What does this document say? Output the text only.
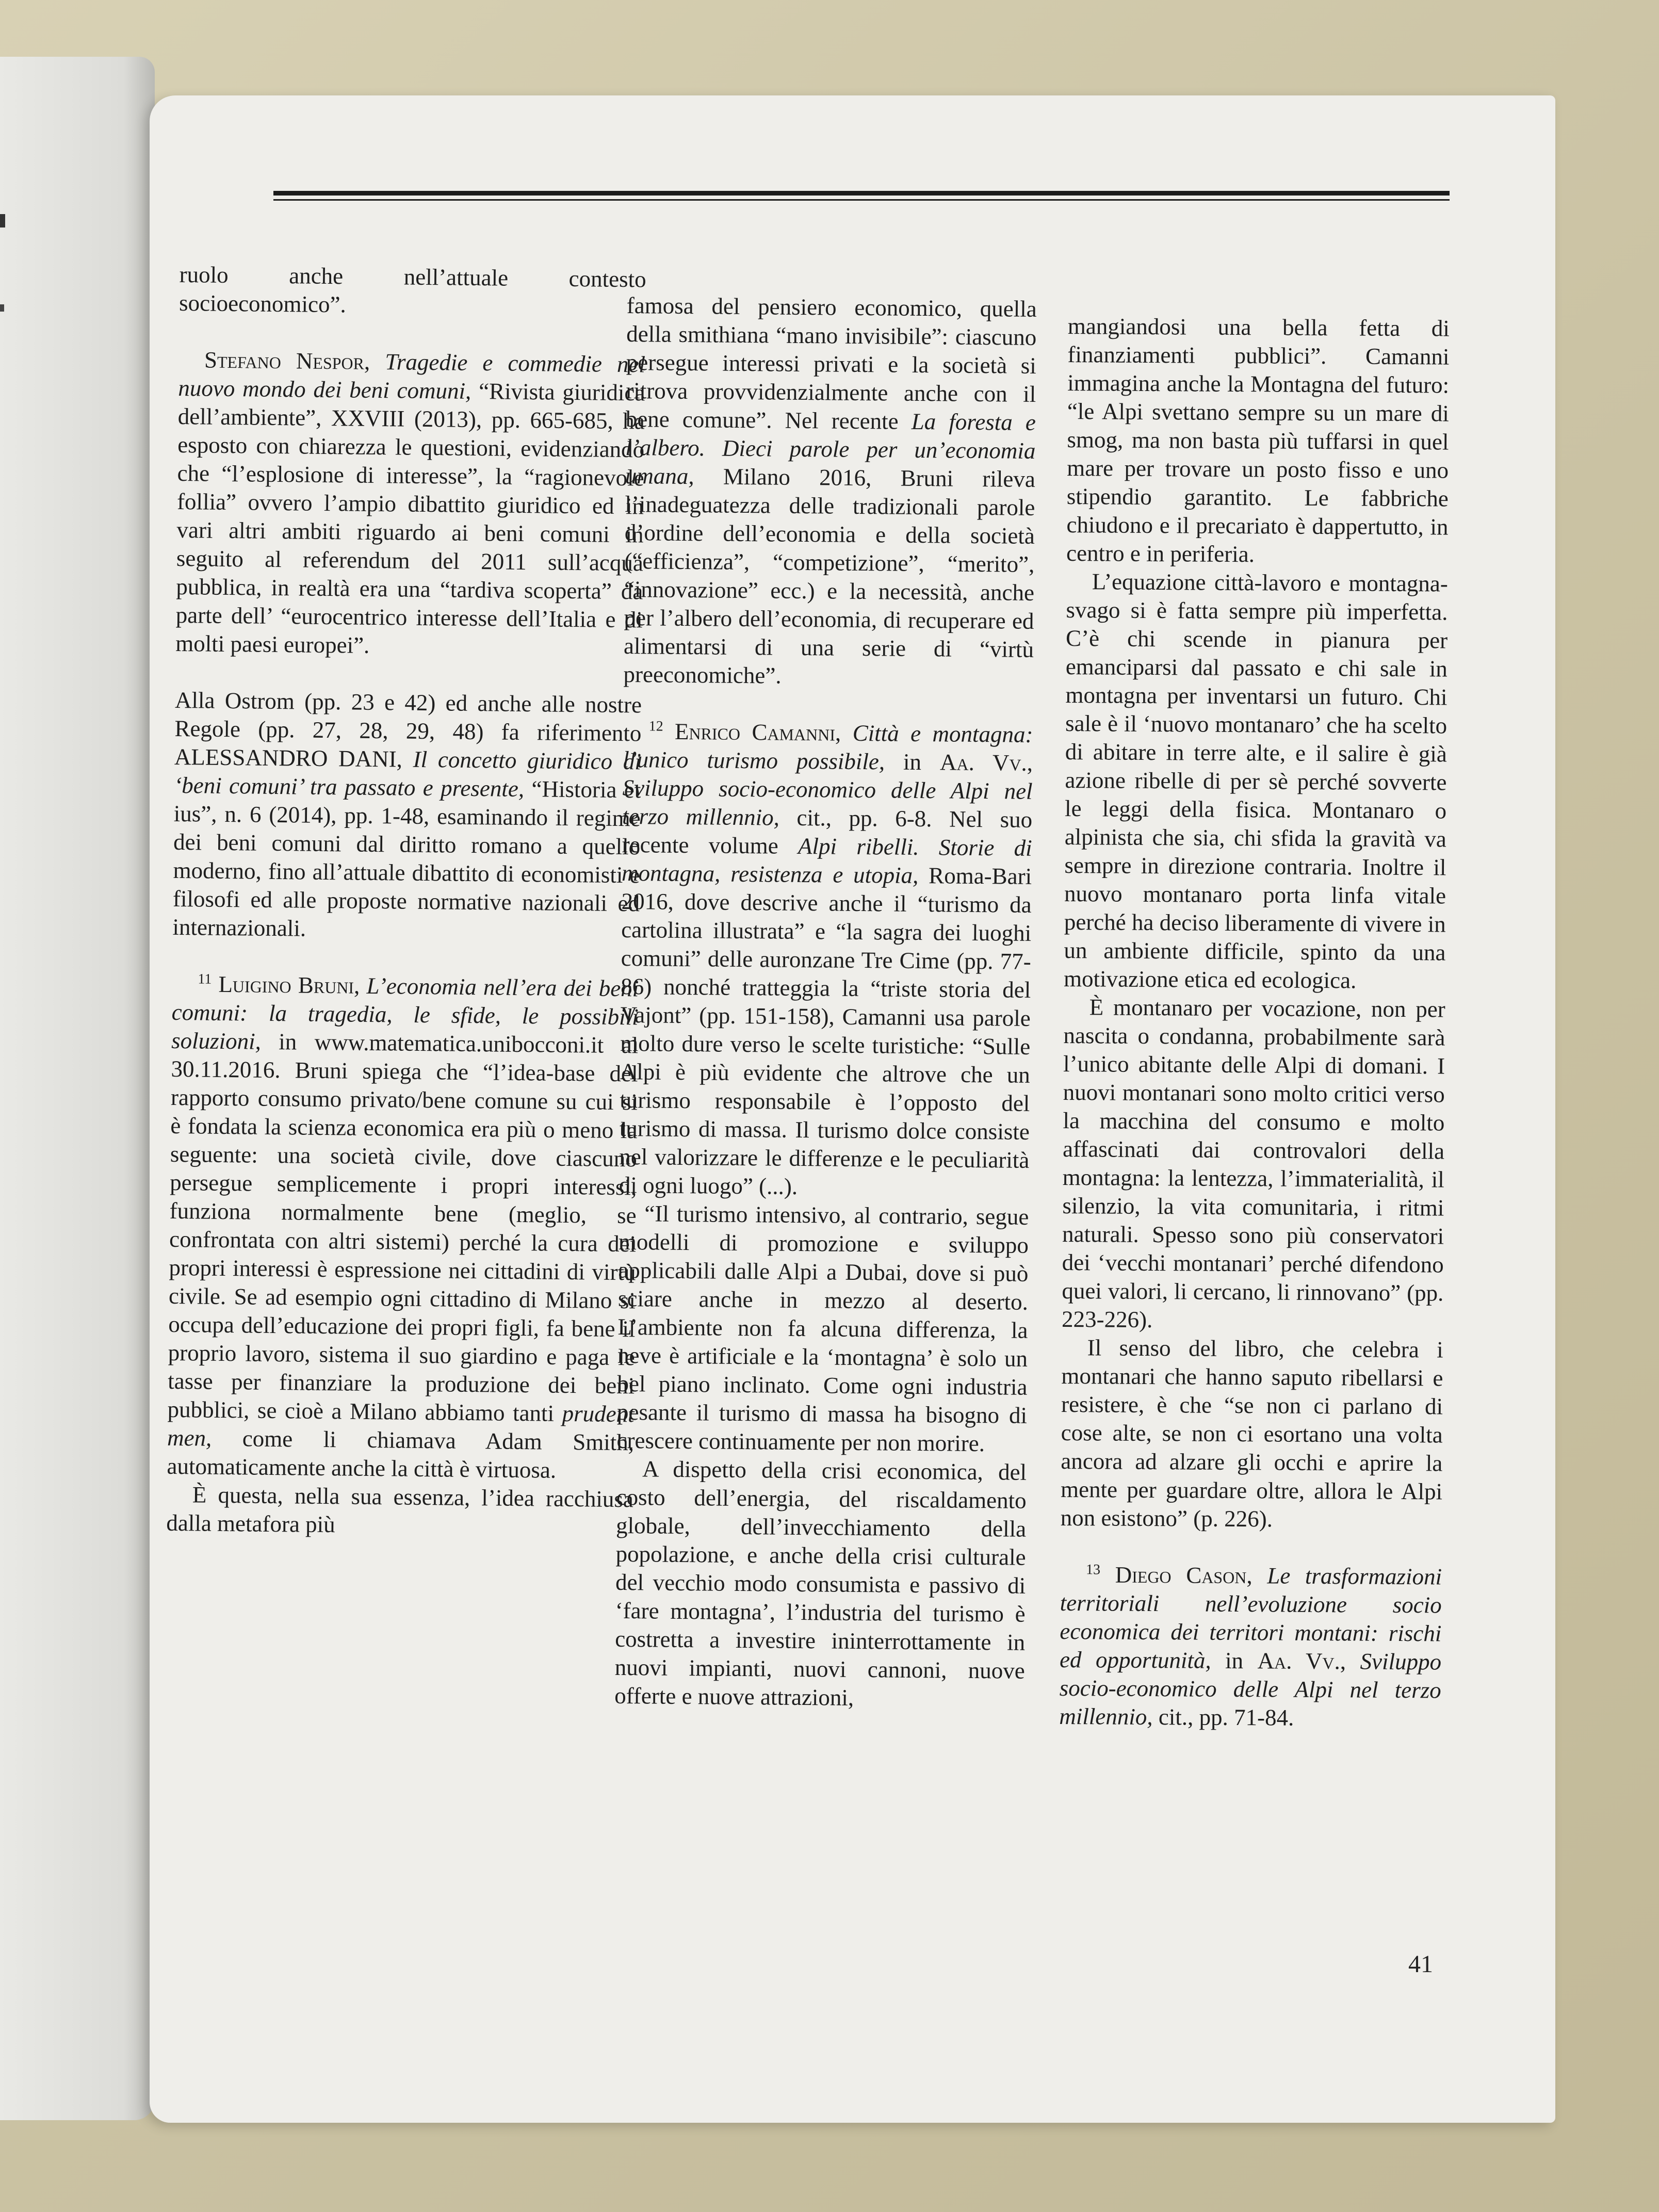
ruolo anche nell’attuale contesto socioeconomico”.

Stefano Nespor, Tragedie e commedie nel nuovo mondo dei beni comuni, “Rivista giuridica dell’ambiente”, XXVIII (2013), pp. 665-685, ha esposto con chiarezza le questioni, evidenziando che “l’esplosione di interesse”, la “ragionevole follia” ovvero l’ampio dibattito giuridico ed in vari altri ambiti riguardo ai beni comuni in seguito al referendum del 2011 sull’acqua pubblica, in realtà era una “tardiva scoperta” da parte dell’ “eurocentrico interesse dell’Italia e di molti paesi europei”.

Alla Ostrom (pp. 23 e 42) ed anche alle nostre Regole (pp. 27, 28, 29, 48) fa riferimento ALESSANDRO DANI, Il concetto giuridico di ‘beni comuni’ tra passato e presente, “Historia et ius”, n. 6 (2014), pp. 1-48, esaminando il regime dei beni comuni dal diritto romano a quello moderno, fino all’attuale dibattito di economisti e filosofi ed alle proposte normative nazionali ed internazionali.

$^{11}$ Luigino Bruni, L’economia nell’era dei beni comuni: la tragedia, le sfide, le possibili soluzioni, in www.matematica.unibocconi.it al 30.11.2016. Bruni spiega che “l’idea-base del rapporto consumo privato/bene comune su cui si è fondata la scienza economica era più o meno la seguente: una società civile, dove ciascuno persegue semplicemente i propri interessi, funziona normalmente bene (meglio, se confrontata con altri sistemi) perché la cura dei propri interessi è espressione nei cittadini di virtù civile. Se ad esempio ogni cittadino di Milano si occupa dell’educazione dei propri figli, fa bene il proprio lavoro, sistema il suo giardino e paga le tasse per finanziare la produzione dei beni pubblici, se cioè a Milano abbiamo tanti prudent men, come li chiamava Adam Smith, automaticamente anche la città è virtuosa.

È questa, nella sua essenza, l’idea racchiusa dalla metafora più

famosa del pensiero economico, quella della smithiana “mano invisibile”: ciascuno persegue interessi privati e la società si ritrova provvidenzialmente anche con il bene comune”. Nel recente La foresta e l’albero. Dieci parole per un’economia umana, Milano 2016, Bruni rileva l’inadeguatezza delle tradizionali parole d’ordine dell’economia e della società (“efficienza”, “competizione”, “merito”, “innovazione” ecc.) e la necessità, anche per l’albero dell’economia, di recuperare ed alimentarsi di una serie di “virtù preeconomiche”.

$^{12}$ Enrico Camanni, Città e montagna: l’unico turismo possibile, in Aa. Vv., Sviluppo socio-economico delle Alpi nel terzo millennio, cit., pp. 6-8. Nel suo recente volume Alpi ribelli. Storie di montagna, resistenza e utopia, Roma-Bari 2016, dove descrive anche il “turismo da cartolina illustrata” e “la sagra dei luoghi comuni” delle auronzane Tre Cime (pp. 77-86) nonché tratteggia la “triste storia del Vajont” (pp. 151-158), Camanni usa parole molto dure verso le scelte turistiche: “Sulle Alpi è più evidente che altrove che un turismo responsabile è l’opposto del turismo di massa. Il turismo dolce consiste nel valorizzare le differenze e le peculiarità di ogni luogo” (...).

“Il turismo intensivo, al contrario, segue modelli di promozione e sviluppo applicabili dalle Alpi a Dubai, dove si può sciare anche in mezzo al deserto. L’ambiente non fa alcuna differenza, la neve è artificiale e la ‘montagna’ è solo un bel piano inclinato. Come ogni industria pesante il turismo di massa ha bisogno di crescere continuamente per non morire.

A dispetto della crisi economica, del costo dell’energia, del riscaldamento globale, dell’invecchiamento della popolazione, e anche della crisi culturale del vecchio modo consumista e passivo di ‘fare montagna’, l’industria del turismo è costretta a investire ininterrottamente in nuovi impianti, nuovi cannoni, nuove offerte e nuove attrazioni,

mangiandosi una bella fetta di finanziamenti pubblici”. Camanni immagina anche la Montagna del futuro: “le Alpi svettano sempre su un mare di smog, ma non basta più tuffarsi in quel mare per trovare un posto fisso e uno stipendio garantito. Le fabbriche chiudono e il precariato è dappertutto, in centro e in periferia.

L’equazione città-lavoro e montagna-svago si è fatta sempre più imperfetta. C’è chi scende in pianura per emanciparsi dal passato e chi sale in montagna per inventarsi un futuro. Chi sale è il ‘nuovo montanaro’ che ha scelto di abitare in terre alte, e il salire è già azione ribelle di per sè perché sovverte le leggi della fisica. Montanaro o alpinista che sia, chi sfida la gravità va sempre in direzione contraria. Inoltre il nuovo montanaro porta linfa vitale perché ha deciso liberamente di vivere in un ambiente difficile, spinto da una motivazione etica ed ecologica.

È montanaro per vocazione, non per nascita o condanna, probabilmente sarà l’unico abitante delle Alpi di domani. I nuovi montanari sono molto critici verso la macchina del consumo e molto affascinati dai controvalori della montagna: la lentezza, l’immaterialità, il silenzio, la vita comunitaria, i ritmi naturali. Spesso sono più conservatori dei ‘vecchi montanari’ perché difendono quei valori, li cercano, li rinnovano” (pp. 223-226).

Il senso del libro, che celebra i montanari che hanno saputo ribellarsi e resistere, è che “se non ci parlano di cose alte, se non ci esortano una volta ancora ad alzare gli occhi e aprire la mente per guardare oltre, allora le Alpi non esistono” (p. 226).

$^{13}$ Diego Cason, Le trasformazioni territoriali nell’evoluzione socio economica dei territori montani: rischi ed opportunità, in Aa. Vv., Sviluppo socio-economico delle Alpi nel terzo millennio, cit., pp. 71-84.

41
